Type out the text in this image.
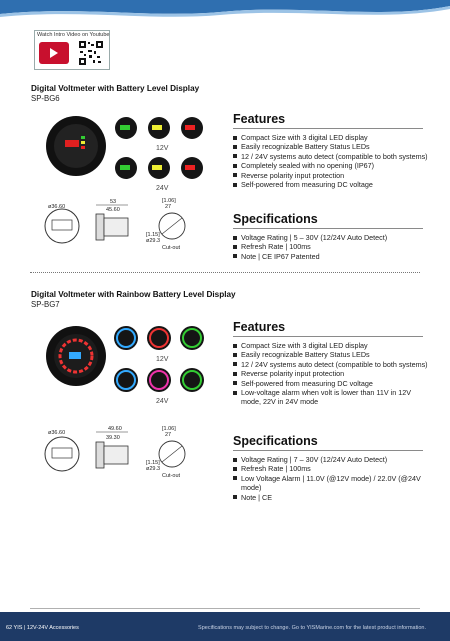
Watch Intro Video on Youtube
Digital Voltmeter with Battery Level Display
SP-BG6
12V
24V
ø36.60
53
45.60
[1.06]
27
[1.15]
ø29.3
Cut-out
Features
Compact Size with 3 digital LED display
Easily recognizable Battery Status LEDs
12 / 24V systems auto detect (compatible to both systems)
Completely sealed with no opening (IP67)
Reverse polarity input protection
Self-powered from measuring DC voltage
Specifications
Voltage Rating | 5 – 30V (12/24V Auto Detect)
Refresh Rate | 100ms
Note | CE IP67 Patented
Digital Voltmeter with Rainbow Battery Level Display
SP-BG7
12V
24V
ø36.60
49.60
39.30
[1.06]
27
[1.15]
ø29.3
Cut-out
Features
Compact Size with 3 digital LED display
Easily recognizable Battery Status LEDs
12 / 24V systems auto detect (compatible to both systems)
Reverse polarity input protection
Self-powered from measuring DC voltage
Low-voltage alarm when volt is lower than 11V in 12V mode, 22V in 24V mode
Specifications
Voltage Rating | 7 – 30V (12/24V Auto Detect)
Refresh Rate | 100ms
Low Voltage Alarm | 11.0V (@12V mode) / 22.0V (@24V mode)
Note | CE
62 YIS | 12V-24V Accessories	Specifications may subject to change. Go to YISMarine.com for the latest product information.
